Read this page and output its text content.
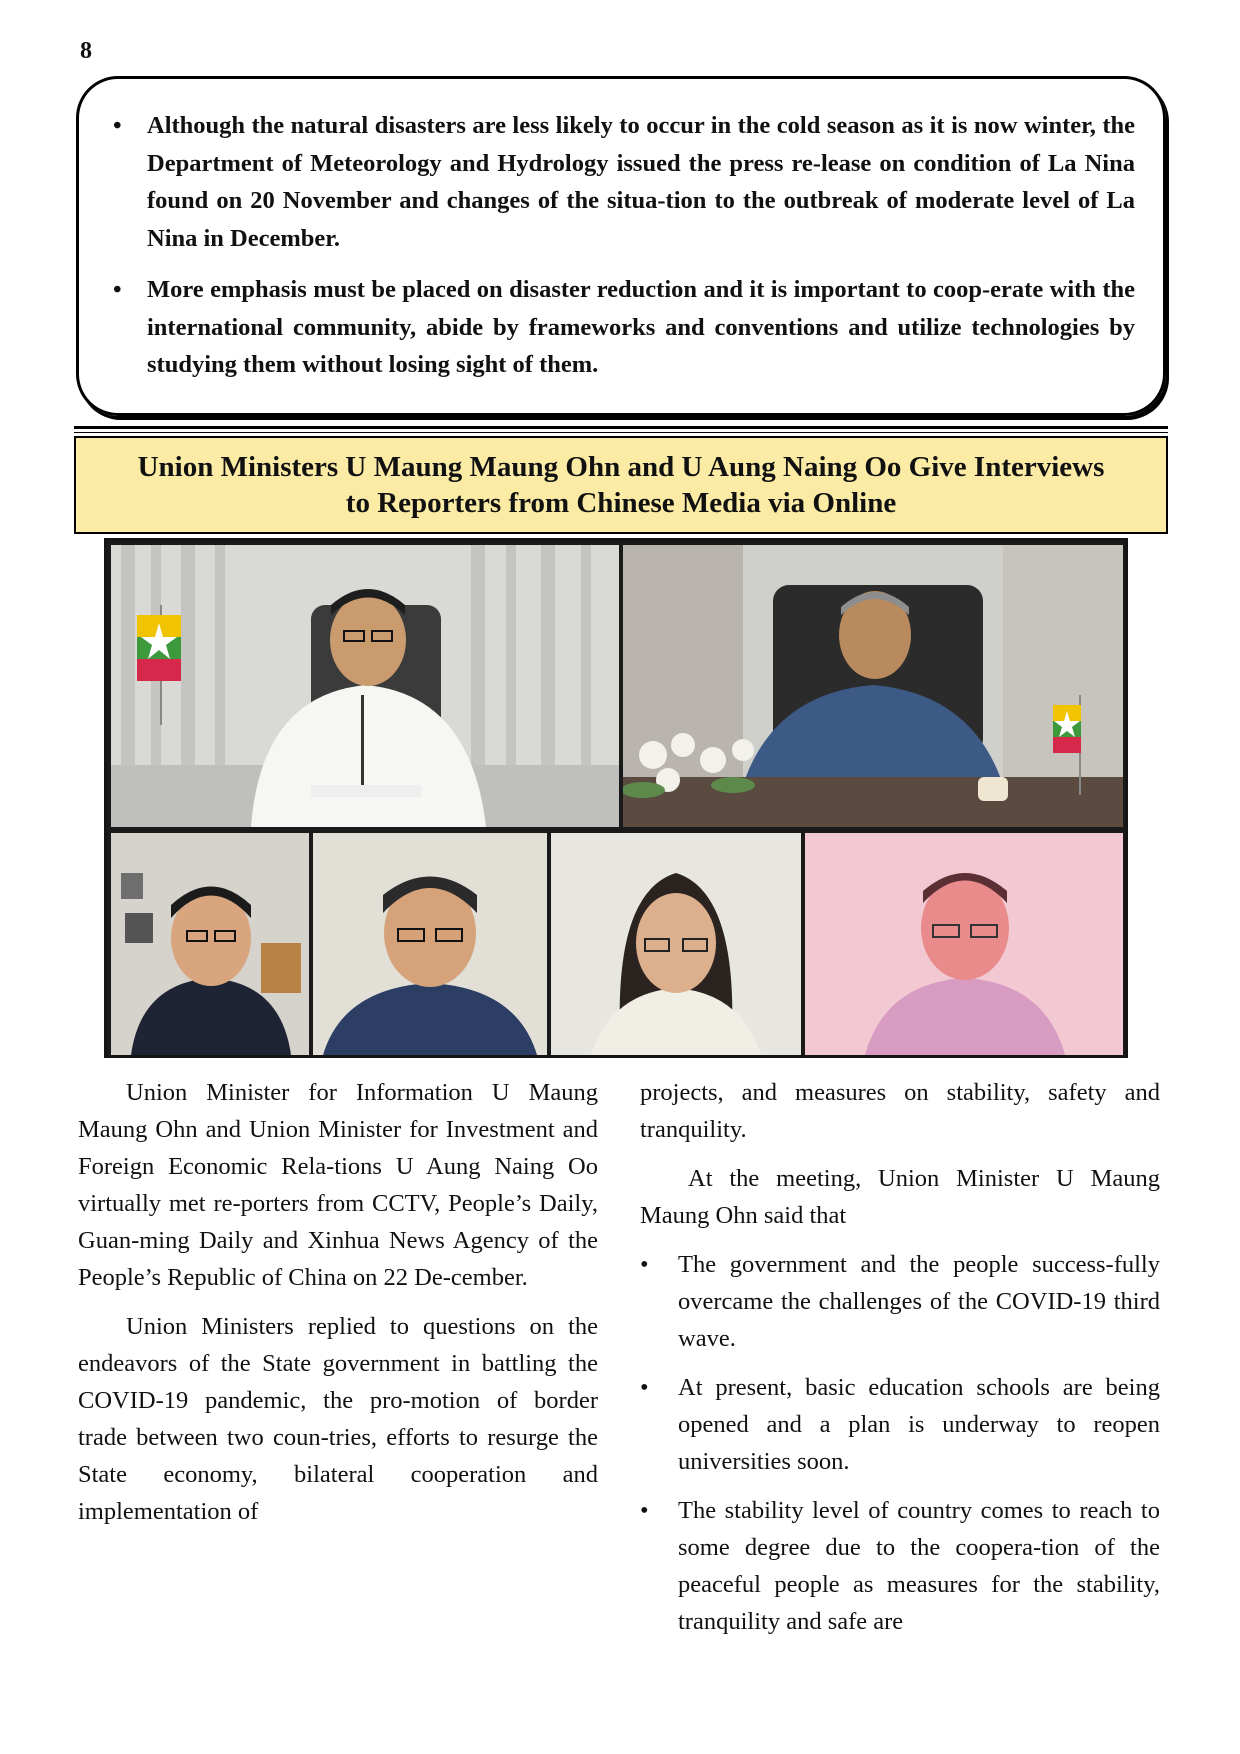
8
• Although the natural disasters are less likely to occur in the cold season as it is now winter, the Department of Meteorology and Hydrology issued the press re-lease on condition of La Nina found on 20 November and changes of the situa-tion to the outbreak of moderate level of La Nina in December.
• More emphasis must be placed on disaster reduction and it is important to coop-erate with the international community, abide by frameworks and conventions and utilize technologies by studying them without losing sight of them.
Union Ministers U Maung Maung Ohn and U Aung Naing Oo Give Interviews
to Reporters from Chinese Media via Online

Union Minister for Information U Maung Maung Ohn and Union Minister for Investment and Foreign Economic Rela-tions U Aung Naing Oo virtually met re-porters from CCTV, People’s Daily, Guan-ming Daily and Xinhua News Agency of the People’s Republic of China on 22 De-cember.

Union Ministers replied to questions on the endeavors of the State government in battling the COVID-19 pandemic, the pro-motion of border trade between two coun-tries, efforts to resurge the State economy, bilateral cooperation and implementation of

projects, and measures on stability, safety and tranquility.

At the meeting, Union Minister U Maung Maung Ohn said that

• The government and the people success-fully overcame the challenges of the COVID-19 third wave.
• At present, basic education schools are being opened and a plan is underway to reopen universities soon.
• The stability level of country comes to reach to some degree due to the coopera-tion of the peaceful people as measures for the stability, tranquility and safe are
